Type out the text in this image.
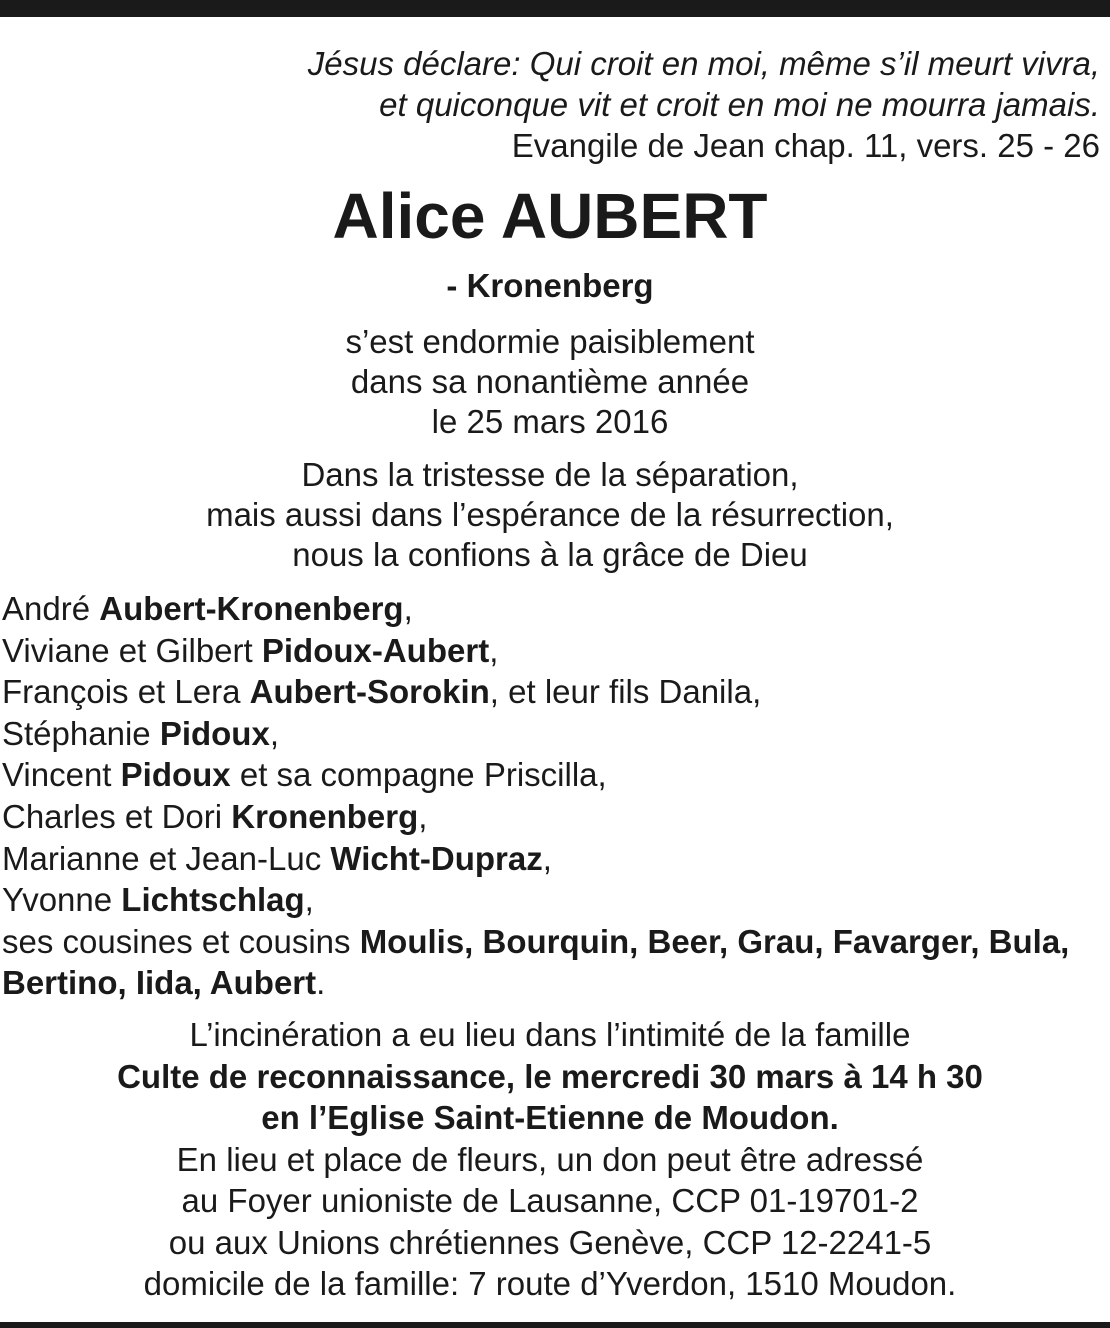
Jésus déclare: Qui croit en moi, même s’il meurt vivra,
et quiconque vit et croit en moi ne mourra jamais.
Evangile de Jean chap. 11, vers. 25 - 26
Alice AUBERT
- Kronenberg
s’est endormie paisiblement
dans sa nonantième année
le 25 mars 2016
Dans la tristesse de la séparation,
mais aussi dans l’espérance de la résurrection,
nous la confions à la grâce de Dieu
André Aubert-Kronenberg,
Viviane et Gilbert Pidoux-Aubert,
François et Lera Aubert-Sorokin, et leur fils Danila,
Stéphanie Pidoux,
Vincent Pidoux et sa compagne Priscilla,
Charles et Dori Kronenberg,
Marianne et Jean-Luc Wicht-Dupraz,
Yvonne Lichtschlag,
ses cousines et cousins Moulis, Bourquin, Beer, Grau, Favarger, Bula,
Bertino, Iida, Aubert.
L’incinération a eu lieu dans l’intimité de la famille
Culte de reconnaissance, le mercredi 30 mars à 14 h 30
en l’Eglise Saint-Etienne de Moudon.
En lieu et place de fleurs, un don peut être adressé
au Foyer unioniste de Lausanne, CCP 01-19701-2
ou aux Unions chrétiennes Genève, CCP 12-2241-5
domicile de la famille: 7 route d’Yverdon, 1510 Moudon.
